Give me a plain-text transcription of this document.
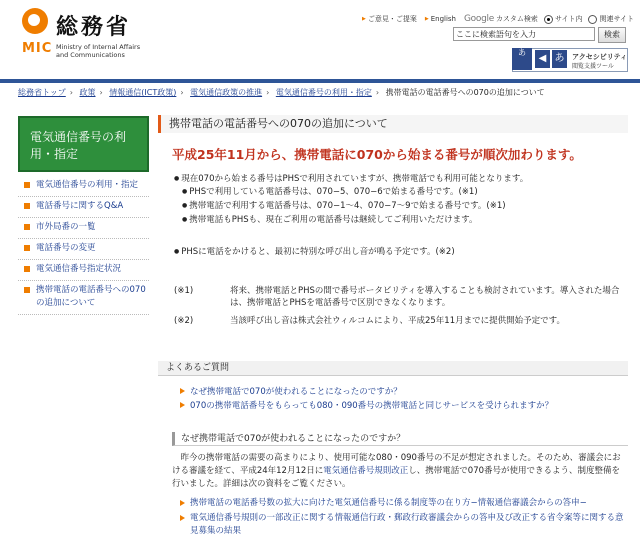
総務省
MIC Ministry of Internal Affairs
and Communications
▶ ご意見・ご提案
▶	English Google カスタム検索 サイト内 関連サイト
ここに検索語句を入力
検索
あ
◀ あ	アクセシビリティ
閲覧支援ツール
総務省トップ › 政策 › 情報通信(ICT政策) › 電気通信政策の推進 › 電気通信番号の利用・指定 › 携帯電話の電話番号への070の追加について
電気通信番号の利用・指定
電気通信番号の利用・指定
電話番号に関するQ&A
市外局番の一覧
電話番号の変更
電気通信番号指定状況
携帯電話の電話番号への070の追加について
携帯電話の電話番号への070の追加について
平成25年11月から、携帯電話に070から始まる番号が順次加わります。
● 現在070から始まる番号はPHSで利用されていますが、携帯電話でも利用可能となります。
● PHSで利用している電話番号は、070−5、070−6で始まる番号です。(※1)
● 携帯電話で利用する電話番号は、070−1〜4、070−7〜9で始まる番号です。(※1)
● 携帯電話もPHSも、現在ご利用の電話番号は継続してご利用いただけます。
● PHSに電話をかけると、最初に特別な呼び出し音が鳴る予定です。(※2)
(※1)	将来、携帯電話とPHSの間で番号ポータビリティを導入することも検討されています。導入された場合は、携帯電話とPHSを電話番号で区別できなくなります。
(※2)	当該呼び出し音は株式会社ウィルコムにより、平成25年11月までに提供開始予定です。
よくあるご質問
なぜ携帯電話で070が使われることになったのですか？
070の携帯電話番号をもらっても080・090番号の携帯電話と同じサービスを受けられますか？
なぜ携帯電話で070が使われることになったのですか？
　昨今の携帯電話の需要の高まりにより、使用可能な080・090番号の不足が想定されました。そのため、審議会における審議を経て、平成24年12月12日に電気通信番号規則改正し、携帯電話で070番号が使用できるよう、制度整備を行いました。詳細は次の資料をご覧ください。
携帯電話の電話番号数の拡大に向けた電気通信番号に係る制度等の在り方−情報通信審議会からの答申−
電気通信番号規則の一部改正に関する情報通信行政・郵政行政審議会からの答申及び改正する省令案等に関する意見募集の結果
